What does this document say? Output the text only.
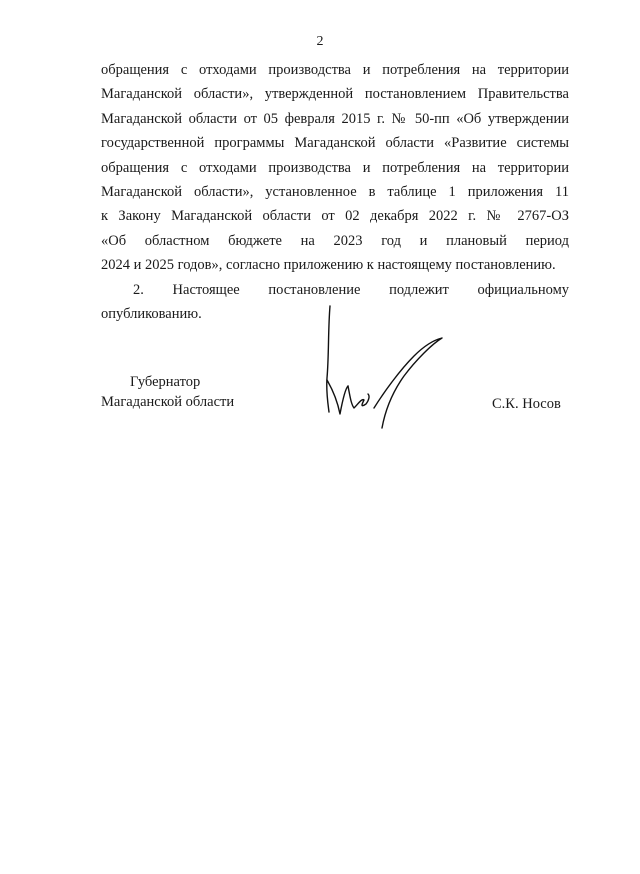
2
обращения с отходами производства и потребления на территории
Магаданской области», утвержденной постановлением Правительства
Магаданской области от 05 февраля 2015 г. № 50-пп «Об утверждении
государственной программы Магаданской области «Развитие системы
обращения с отходами производства и потребления на территории
Магаданской области», установленное в таблице 1 приложения 11
к Закону Магаданской области от 02 декабря 2022 г. № 2767-ОЗ
«Об областном бюджете на 2023 год и плановый период
2024 и 2025 годов», согласно приложению к настоящему постановлению.
2. Настоящее постановление подлежит официальному
опубликованию.
Губернатор
Магаданской области	С.К. Носов
